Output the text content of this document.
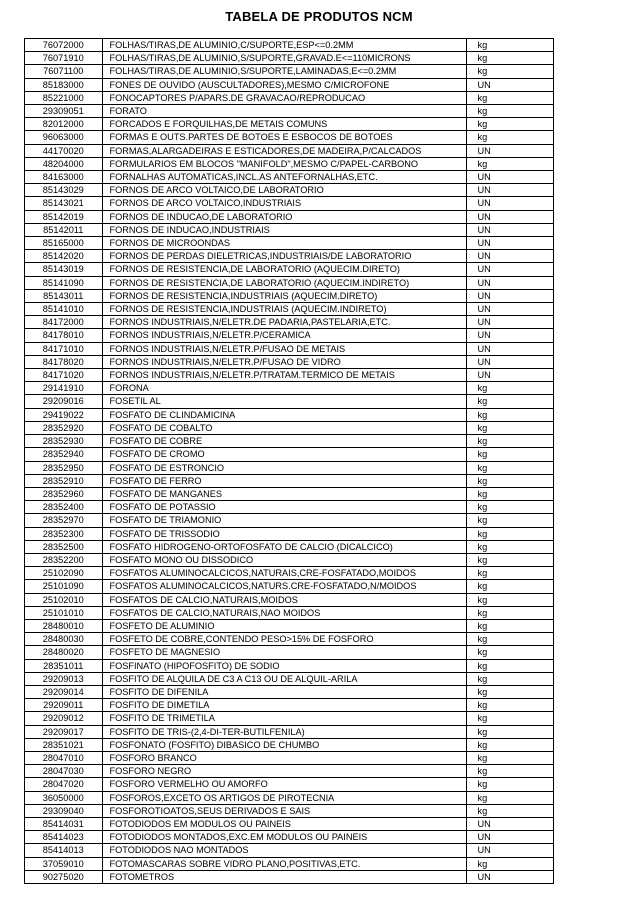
TABELA DE PRODUTOS NCM
76072000	FOLHAS/TIRAS,DE ALUMINIO,C/SUPORTE,ESP<=0.2MM	kg
76071910	FOLHAS/TIRAS,DE ALUMINIO,S/SUPORTE,GRAVAD.E<=110MICRONS	kg
76071100	FOLHAS/TIRAS,DE ALUMINIO,S/SUPORTE,LAMINADAS,E<=0.2MM	kg
85183000	FONES DE OUVIDO (AUSCULTADORES),MESMO C/MICROFONE	UN
85221000	FONOCAPTORES P/APARS.DE GRAVACAO/REPRODUCAO	kg
29309051	FORATO	kg
82012000	FORCADOS E FORQUILHAS,DE METAIS COMUNS	kg
96063000	FORMAS E OUTS.PARTES DE BOTOES E ESBOCOS DE BOTOES	kg
44170020	FORMAS,ALARGADEIRAS E ESTICADORES,DE MADEIRA,P/CALCADOS	UN
48204000	FORMULARIOS EM BLOCOS "MANIFOLD",MESMO C/PAPEL-CARBONO	kg
84163000	FORNALHAS AUTOMATICAS,INCL.AS ANTEFORNALHAS,ETC.	UN
85143029	FORNOS DE ARCO VOLTAICO,DE LABORATORIO	UN
85143021	FORNOS DE ARCO VOLTAICO,INDUSTRIAIS	UN
85142019	FORNOS DE INDUCAO,DE LABORATORIO	UN
85142011	FORNOS DE INDUCAO,INDUSTRIAIS	UN
85165000	FORNOS DE MICROONDAS	UN
85142020	FORNOS DE PERDAS DIELETRICAS,INDUSTRIAIS/DE LABORATORIO	UN
85143019	FORNOS DE RESISTENCIA,DE LABORATORIO (AQUECIM.DIRETO)	UN
85141090	FORNOS DE RESISTENCIA,DE LABORATORIO (AQUECIM.INDIRETO)	UN
85143011	FORNOS DE RESISTENCIA,INDUSTRIAIS (AQUECIM.DIRETO)	UN
85141010	FORNOS DE RESISTENCIA,INDUSTRIAIS (AQUECIM.INDIRETO)	UN
84172000	FORNOS INDUSTRIAIS,N/ELETR.DE PADARIA,PASTELARIA,ETC.	UN
84178010	FORNOS INDUSTRIAIS,N/ELETR.P/CERAMICA	UN
84171010	FORNOS INDUSTRIAIS,N/ELETR.P/FUSAO DE METAIS	UN
84178020	FORNOS INDUSTRIAIS,N/ELETR.P/FUSAO DE VIDRO	UN
84171020	FORNOS INDUSTRIAIS,N/ELETR.P/TRATAM.TERMICO DE METAIS	UN
29141910	FORONA	kg
29209016	FOSETIL AL	kg
29419022	FOSFATO DE CLINDAMICINA	kg
28352920	FOSFATO DE COBALTO	kg
28352930	FOSFATO DE COBRE	kg
28352940	FOSFATO DE CROMO	kg
28352950	FOSFATO DE ESTRONCIO	kg
28352910	FOSFATO DE FERRO	kg
28352960	FOSFATO DE MANGANES	kg
28352400	FOSFATO DE POTASSIO	kg
28352970	FOSFATO DE TRIAMONIO	kg
28352300	FOSFATO DE TRISSODIO	kg
28352500	FOSFATO HIDROGENO-ORTOFOSFATO DE CALCIO (DICALCICO)	kg
28352200	FOSFATO MONO OU DISSODICO	kg
25102090	FOSFATOS ALUMINOCALCICOS,NATURAIS,CRE-FOSFATADO,MOIDOS	kg
25101090	FOSFATOS ALUMINOCALCICOS,NATURS.CRE-FOSFATADO,N/MOIDOS	kg
25102010	FOSFATOS DE CALCIO,NATURAIS,MOIDOS	kg
25101010	FOSFATOS DE CALCIO,NATURAIS,NAO MOIDOS	kg
28480010	FOSFETO DE ALUMINIO	kg
28480030	FOSFETO DE COBRE,CONTENDO PESO>15% DE FOSFORO	kg
28480020	FOSFETO DE MAGNESIO	kg
28351011	FOSFINATO (HIPOFOSFITO) DE SODIO	kg
29209013	FOSFITO DE ALQUILA DE C3 A C13 OU DE ALQUIL-ARILA	kg
29209014	FOSFITO DE DIFENILA	kg
29209011	FOSFITO DE DIMETILA	kg
29209012	FOSFITO DE TRIMETILA	kg
29209017	FOSFITO DE TRIS-(2,4-DI-TER-BUTILFENILA)	kg
28351021	FOSFONATO (FOSFITO) DIBASICO DE CHUMBO	kg
28047010	FOSFORO BRANCO	kg
28047030	FOSFORO NEGRO	kg
28047020	FOSFORO VERMELHO OU AMORFO	kg
36050000	FOSFOROS,EXCETO OS ARTIGOS DE PIROTECNIA	kg
29309040	FOSFOROTIOATOS,SEUS DERIVADOS E SAIS	kg
85414031	FOTODIODOS EM MODULOS OU PAINEIS	UN
85414023	FOTODIODOS MONTADOS,EXC.EM MODULOS OU PAINEIS	UN
85414013	FOTODIODOS NAO MONTADOS	UN
37059010	FOTOMASCARAS SOBRE VIDRO PLANO,POSITIVAS,ETC.	kg
90275020	FOTOMETROS	UN
